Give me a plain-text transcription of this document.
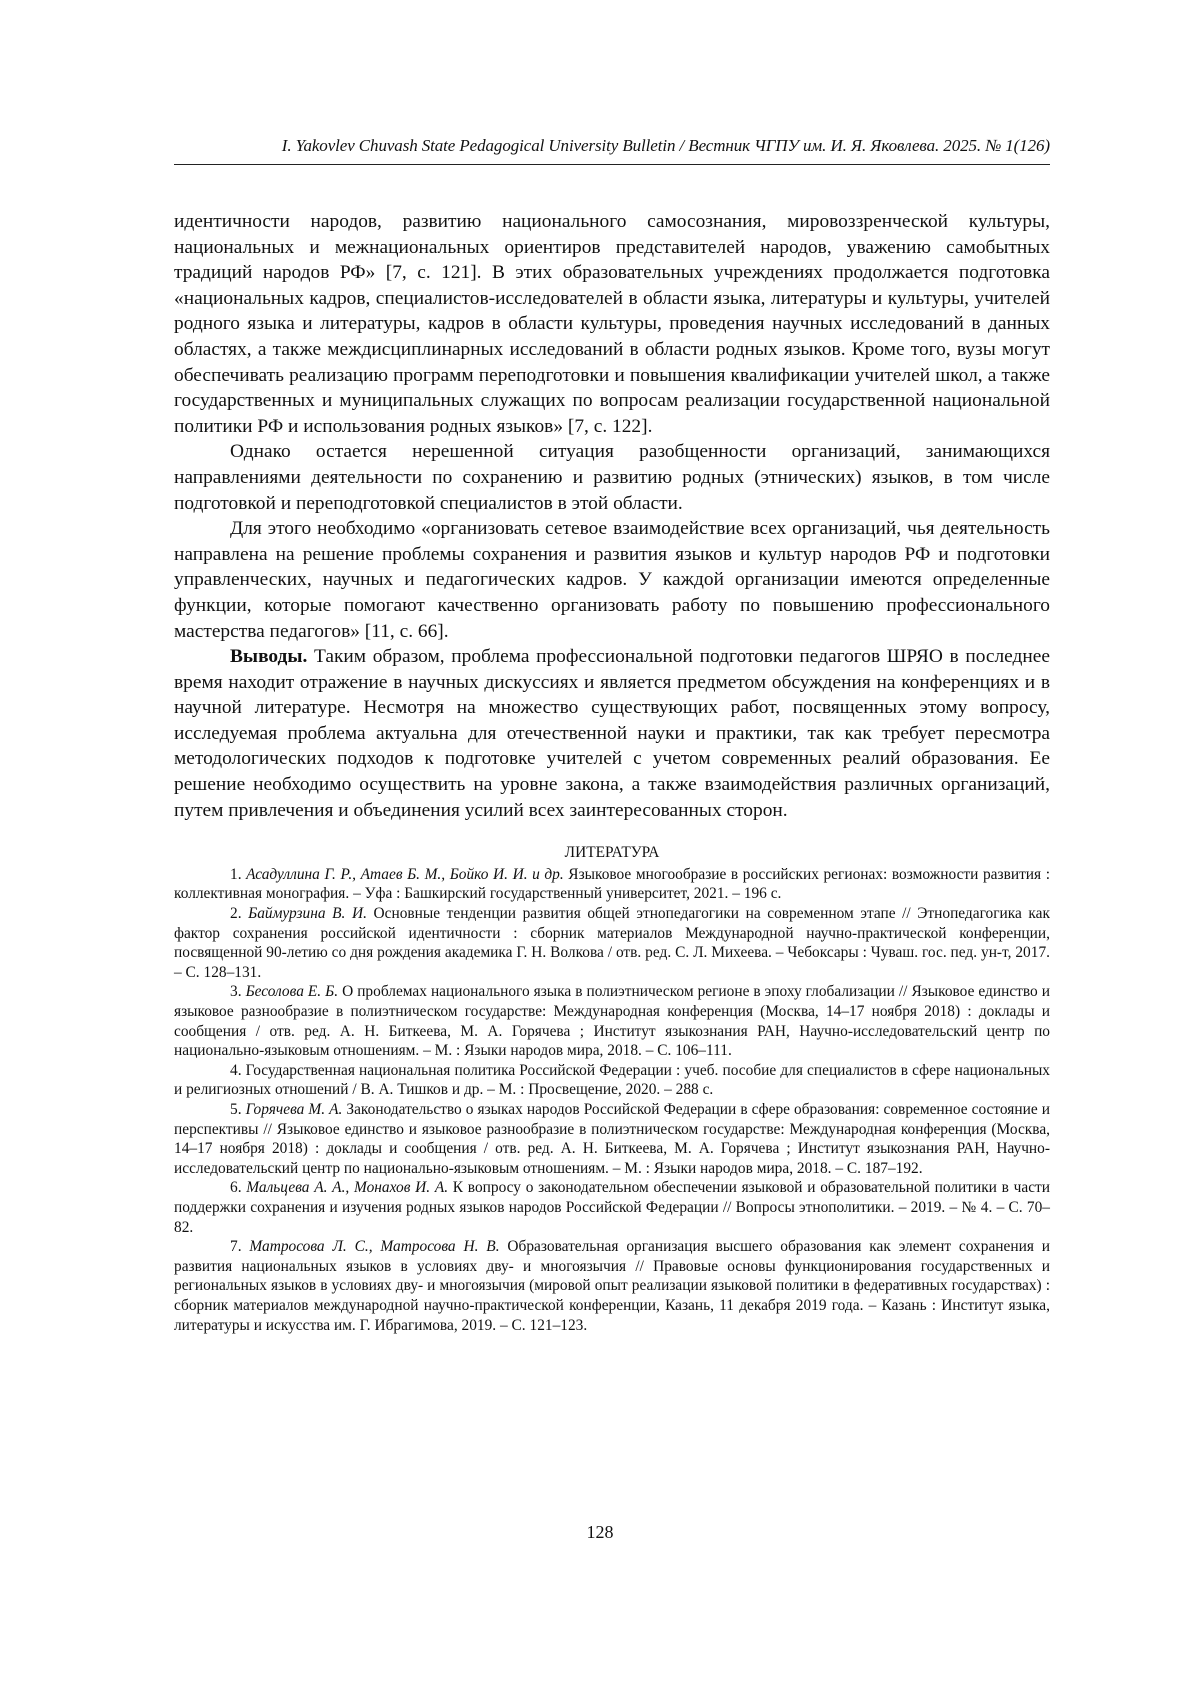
I. Yakovlev Chuvash State Pedagogical University Bulletin / Вестник ЧГПУ им. И. Я. Яковлева. 2025. № 1(126)

идентичности народов, развитию национального самосознания, мировоззренческой культуры, национальных и межнациональных ориентиров представителей народов, уважению самобытных традиций народов РФ» [7, с. 121]. В этих образовательных учреждениях продолжается подготовка «национальных кадров, специалистов-исследователей в области языка, литературы и культуры, учителей родного языка и литературы, кадров в области культуры, проведения научных исследований в данных областях, а также междисциплинарных исследований в области родных языков. Кроме того, вузы могут обеспечивать реализацию программ переподготовки и повышения квалификации учителей школ, а также государственных и муниципальных служащих по вопросам реализации государственной национальной политики РФ и использования родных языков» [7, с. 122].

Однако остается нерешенной ситуация разобщенности организаций, занимающихся направлениями деятельности по сохранению и развитию родных (этнических) языков, в том числе подготовкой и переподготовкой специалистов в этой области.

Для этого необходимо «организовать сетевое взаимодействие всех организаций, чья деятельность направлена на решение проблемы сохранения и развития языков и культур народов РФ и подготовки управленческих, научных и педагогических кадров. У каждой организации имеются определенные функции, которые помогают качественно организовать работу по повышению профессионального мастерства педагогов» [11, с. 66].

Выводы. Таким образом, проблема профессиональной подготовки педагогов ШРЯО в последнее время находит отражение в научных дискуссиях и является предметом обсуждения на конференциях и в научной литературе. Несмотря на множество существующих работ, посвященных этому вопросу, исследуемая проблема актуальна для отечественной науки и практики, так как требует пересмотра методологических подходов к подготовке учителей с учетом современных реалий образования. Ее решение необходимо осуществить на уровне закона, а также взаимодействия различных организаций, путем привлечения и объединения усилий всех заинтересованных сторон.

ЛИТЕРАТУРА

1. Асадуллина Г. Р., Атаев Б. М., Бойко И. И. и др. Языковое многообразие в российских регионах: возможности развития : коллективная монография. – Уфа : Башкирский государственный университет, 2021. – 196 с.

2. Баймурзина В. И. Основные тенденции развития общей этнопедагогики на современном этапе // Этнопедагогика как фактор сохранения российской идентичности : сборник материалов Международной научно-практической конференции, посвященной 90-летию со дня рождения академика Г. Н. Волкова / отв. ред. С. Л. Михеева. – Чебоксары : Чуваш. гос. пед. ун-т, 2017. – С. 128–131.

3. Бесолова Е. Б. О проблемах национального языка в полиэтническом регионе в эпоху глобализации // Языковое единство и языковое разнообразие в полиэтническом государстве: Международная конференция (Москва, 14–17 ноября 2018) : доклады и сообщения / отв. ред. А. Н. Биткеева, М. А. Горячева ; Институт языкознания РАН, Научно-исследовательский центр по национально-языковым отношениям. – М. : Языки народов мира, 2018. – С. 106–111.

4. Государственная национальная политика Российской Федерации : учеб. пособие для специалистов в сфере национальных и религиозных отношений / В. А. Тишков и др. – М. : Просвещение, 2020. – 288 с.

5. Горячева М. А. Законодательство о языках народов Российской Федерации в сфере образования: современное состояние и перспективы // Языковое единство и языковое разнообразие в полиэтническом государстве: Международная конференция (Москва, 14–17 ноября 2018) : доклады и сообщения / отв. ред. А. Н. Биткеева, М. А. Горячева ; Институт языкознания РАН, Научно-исследовательский центр по национально-языковым отношениям. – М. : Языки народов мира, 2018. – С. 187–192.

6. Мальцева А. А., Монахов И. А. К вопросу о законодательном обеспечении языковой и образовательной политики в части поддержки сохранения и изучения родных языков народов Российской Федерации // Вопросы этнополитики. – 2019. – № 4. – С. 70–82.

7. Матросова Л. С., Матросова Н. В. Образовательная организация высшего образования как элемент сохранения и развития национальных языков в условиях дву- и многоязычия // Правовые основы функционирования государственных и региональных языков в условиях дву- и многоязычия (мировой опыт реализации языковой политики в федеративных государствах) : сборник материалов международной научно-практической конференции, Казань, 11 декабря 2019 года. – Казань : Институт языка, литературы и искусства им. Г. Ибрагимова, 2019. – С. 121–123.

128
